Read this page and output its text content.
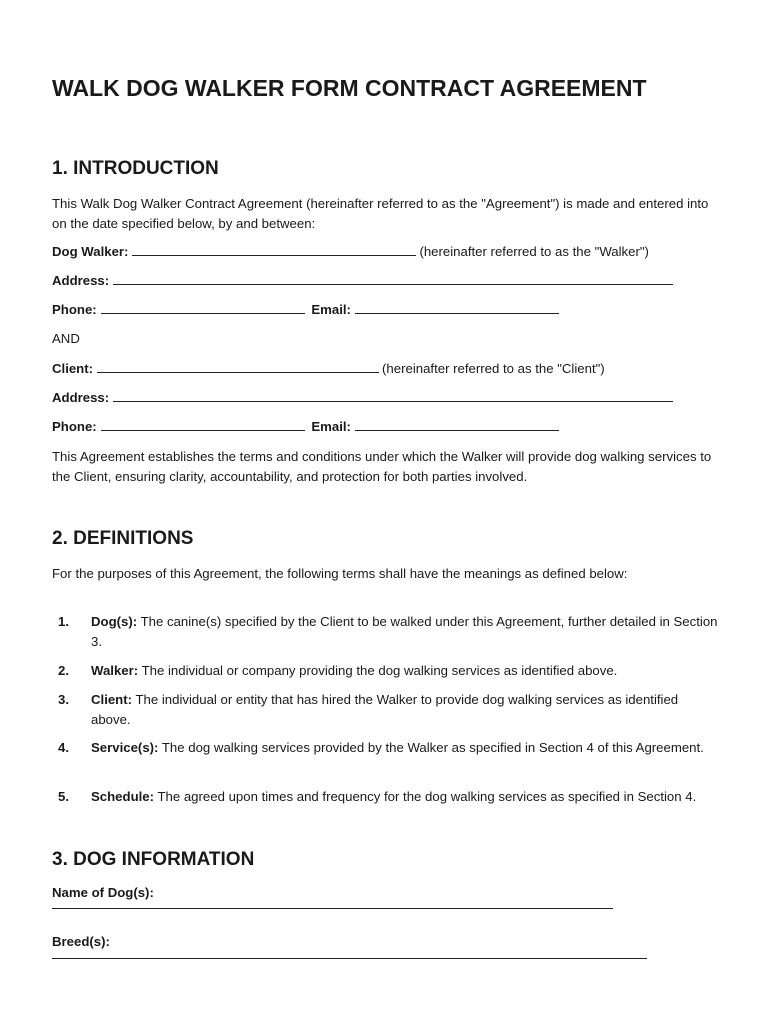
WALK DOG WALKER FORM CONTRACT AGREEMENT
1. INTRODUCTION

This Walk Dog Walker Contract Agreement (hereinafter referred to as the "Agreement") is made and entered into on the date specified below, by and between:

Dog Walker:	(hereinafter referred to as the "Walker")
Address:
Phone:	Email:
AND
Client:	(hereinafter referred to as the "Client")
Address:
Phone:	Email:

This Agreement establishes the terms and conditions under which the Walker will provide dog walking services to the Client, ensuring clarity, accountability, and protection for both parties involved.

2. DEFINITIONS

For the purposes of this Agreement, the following terms shall have the meanings as defined below:

1. Dog(s): The canine(s) specified by the Client to be walked under this Agreement, further detailed in Section 3.
2. Walker: The individual or company providing the dog walking services as identified above.
3. Client: The individual or entity that has hired the Walker to provide dog walking services as identified above.
4. Service(s): The dog walking services provided by the Walker as specified in Section 4 of this Agreement.
5. Schedule: The agreed upon times and frequency for the dog walking services as specified in Section 4.
3. DOG INFORMATION
Name of Dog(s):
Breed(s):
